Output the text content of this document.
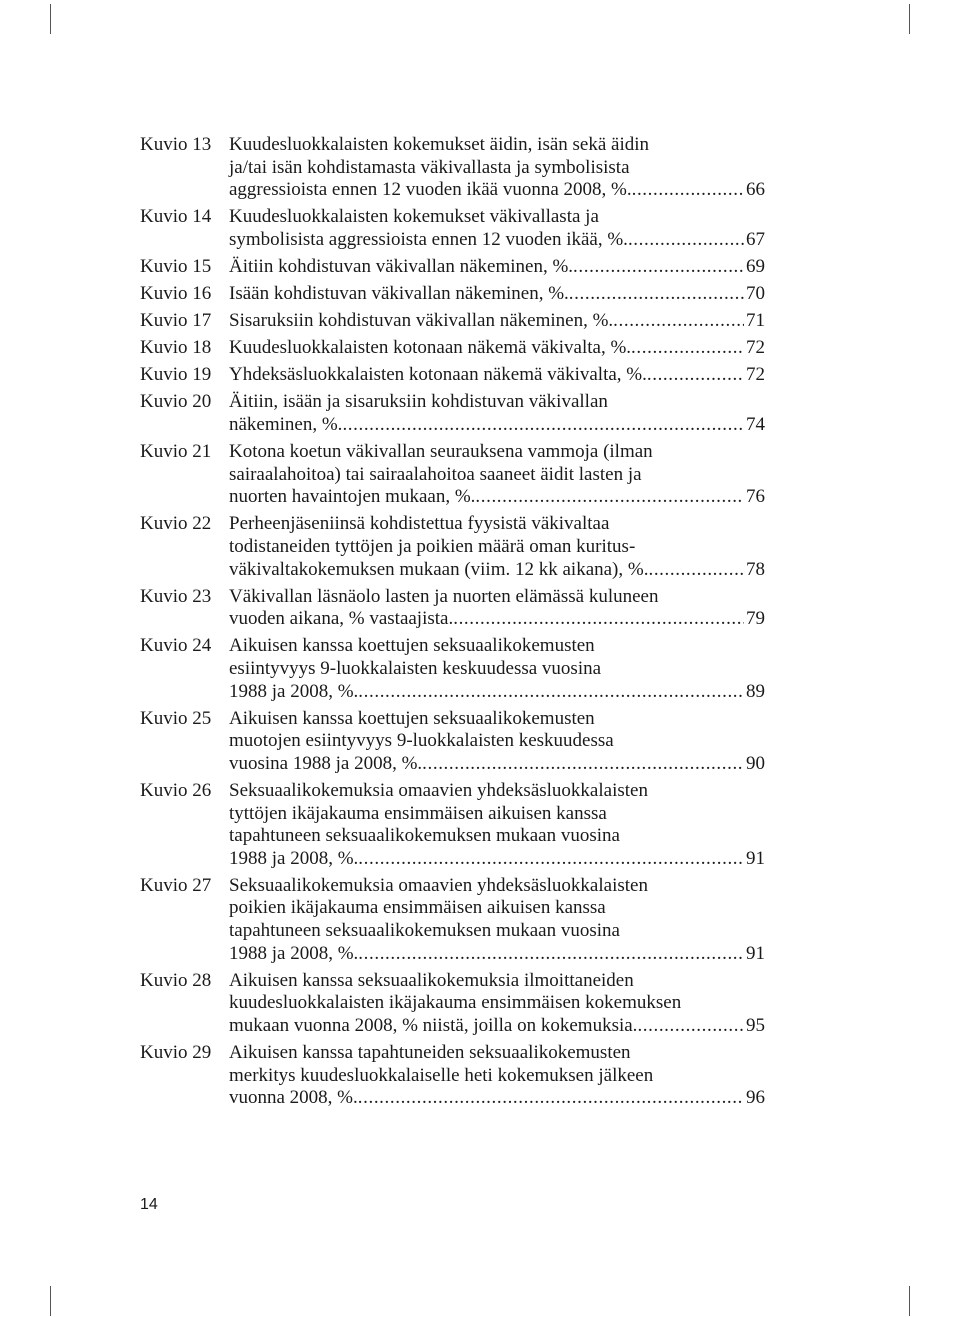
Kuvio 13 Kuudesluokkalaisten kokemukset äidin, isän sekä äidin
ja/tai isän kohdistamasta väkivallasta ja symbolisista
aggressioista ennen 12 vuoden ikää vuonna 2008, %. .....	66
Kuvio 14 Kuudesluokkalaisten kokemukset väkivallasta ja
symbolisista aggressioista ennen 12 vuoden ikää, %. .....	67
Kuvio 15 Äitiin kohdistuvan väkivallan näkeminen, %. .....	69
Kuvio 16 Isään kohdistuvan väkivallan näkeminen, %. .....	70
Kuvio 17 Sisaruksiin kohdistuvan väkivallan näkeminen, %. .....	71
Kuvio 18 Kuudesluokkalaisten kotonaan näkemä väkivalta, %. .....	72
Kuvio 19 Yhdeksäsluokkalaisten kotonaan näkemä väkivalta, %. .....	72
Kuvio 20 Äitiin, isään ja sisaruksiin kohdistuvan väkivallan
näkeminen, %. .....	74
Kuvio 21 Kotona koetun väkivallan seurauksena vammoja (ilman
sairaalahoitoa) tai sairaalahoitoa saaneet äidit lasten ja
nuorten havaintojen mukaan, %. .....	76
Kuvio 22 Perheenjäseniinsä kohdistettua fyysistä väkivaltaa
todistaneiden tyttöjen ja poikien määrä oman kuritus-
väkivaltakokemuksen mukaan (viim. 12 kk aikana), %. .....	78
Kuvio 23 Väkivallan läsnäolo lasten ja nuorten elämässä kuluneen
vuoden aikana, % vastaajista. .....	79
Kuvio 24 Aikuisen kanssa koettujen seksuaalikokemusten
esiintyvyys 9-luokkalaisten keskuudessa vuosina
1988 ja 2008, %. .....	89
Kuvio 25 Aikuisen kanssa koettujen seksuaalikokemusten
muotojen esiintyvyys 9-luokkalaisten keskuudessa
vuosina 1988 ja 2008, %. .....	90
Kuvio 26 Seksuaalikokemuksia omaavien yhdeksäsluokkalaisten
tyttöjen ikäjakauma ensimmäisen aikuisen kanssa
tapahtuneen seksuaalikokemuksen mukaan vuosina
1988 ja 2008, %. .....	91
Kuvio 27 Seksuaalikokemuksia omaavien yhdeksäsluokkalaisten
poikien ikäjakauma ensimmäisen aikuisen kanssa
tapahtuneen seksuaalikokemuksen mukaan vuosina
1988 ja 2008, %. .....	91
Kuvio 28 Aikuisen kanssa seksuaalikokemuksia ilmoittaneiden
kuudesluokkalaisten ikäjakauma ensimmäisen kokemuksen
mukaan vuonna 2008, % niistä, joilla on kokemuksia. .....	95
Kuvio 29 Aikuisen kanssa tapahtuneiden seksuaalikokemusten
merkitys kuudesluokkalaiselle heti kokemuksen jälkeen
vuonna 2008, %. .....	96
14
